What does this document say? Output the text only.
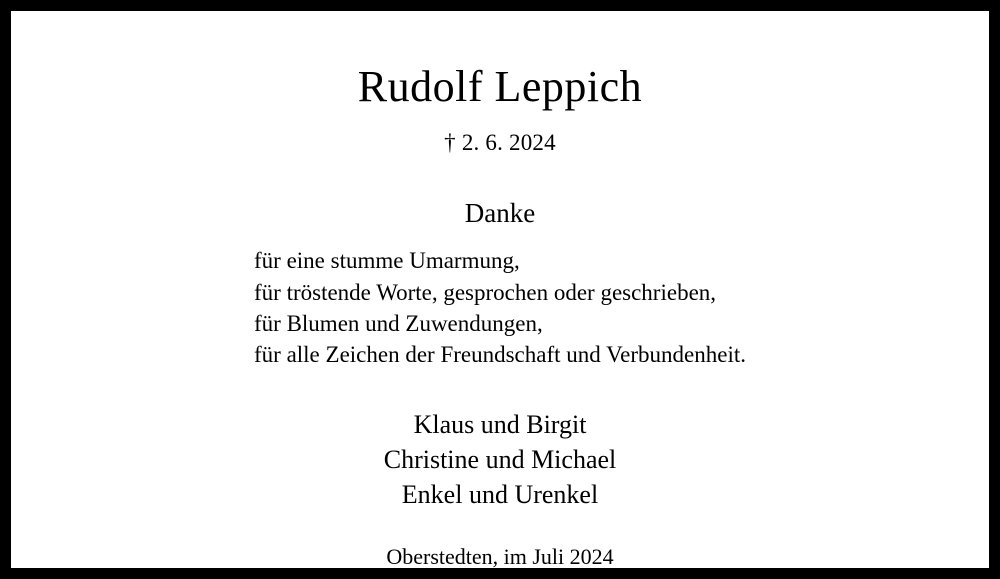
Rudolf Leppich
† 2. 6. 2024
Danke
für eine stumme Umarmung,
für tröstende Worte, gesprochen oder geschrieben,
für Blumen und Zuwendungen,
für alle Zeichen der Freundschaft und Verbundenheit.
Klaus und Birgit
Christine und Michael
Enkel und Urenkel
Oberstedten, im Juli 2024
